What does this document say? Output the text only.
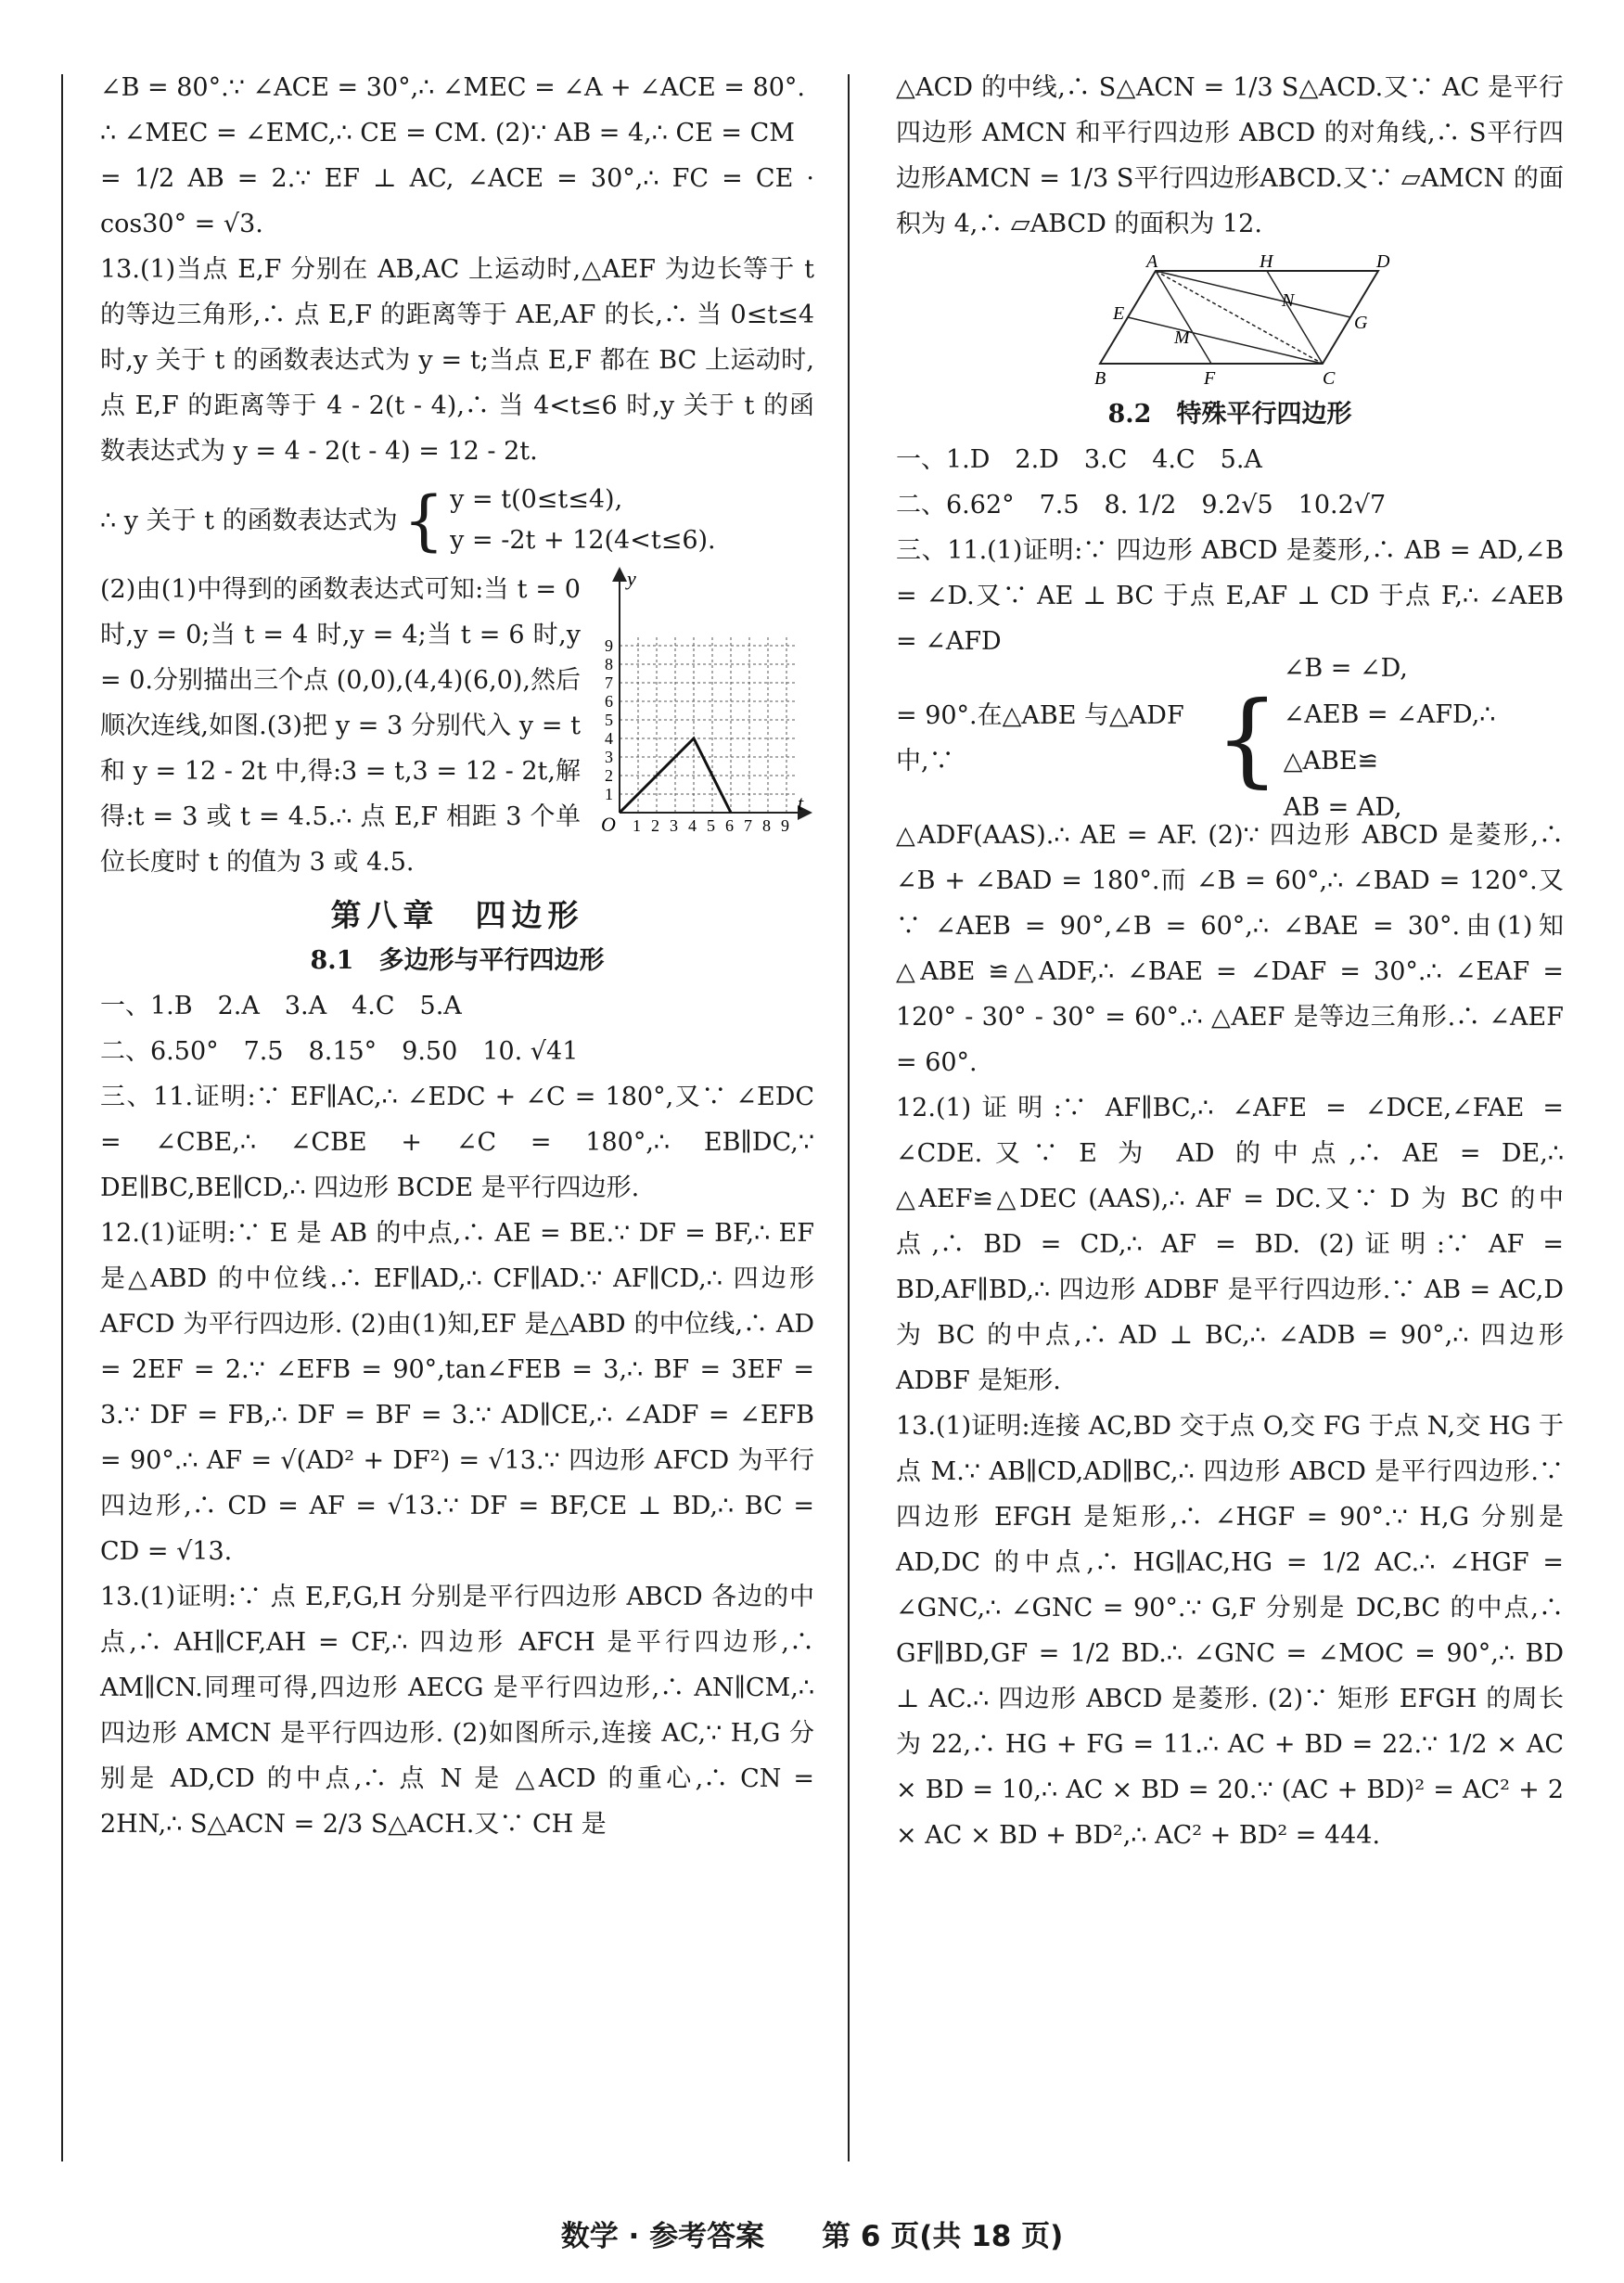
∠B = 80°.∵ ∠ACE = 30°,∴ ∠MEC = ∠A + ∠ACE = 80°.

∴ ∠MEC = ∠EMC,∴ CE = CM. (2)∵ AB = 4,∴ CE = CM

= 1/2 AB = 2.∵ EF ⊥ AC, ∠ACE = 30°,∴ FC = CE · cos30° = √3.

13.(1)当点 E,F 分别在 AB,AC 上运动时,△AEF 为边长等于 t 的等边三角形,∴ 点 E,F 的距离等于 AE,AF 的长,∴ 当 0≤t≤4 时,y 关于 t 的函数表达式为 y = t;当点 E,F 都在 BC 上运动时,点 E,F 的距离等于 4 - 2(t - 4),∴ 当 4<t≤6 时,y 关于 t 的函数表达式为 y = 4 - 2(t - 4) = 12 - 2t.

∴ y 关于 t 的函数表达式为 { y = t(0≤t≤4),
y = -2t + 12(4<t≤6).
y
t
O 1 2 3 4 5 6 7 8 9
1
2
3
4
5
6
7
8
9

(2)由(1)中得到的函数表达式可知:当 t = 0 时,y = 0;当 t = 4 时,y = 4;当 t = 6 时,y = 0.分别描出三个点 (0,0),(4,4)(6,0),然后顺次连线,如图.(3)把 y = 3 分别代入 y = t 和 y = 12 - 2t 中,得:3 = t,3 = 12 - 2t,解得:t = 3 或 t = 4.5.∴ 点 E,F 相距 3 个单位长度时 t 的值为 3 或 4.5.

第八章　四边形

8.1　多边形与平行四边形

一、1.B　2.A　3.A　4.C　5.A

二、6.50°　7.5　8.15°　9.50　10. √41

三、11.证明:∵ EF∥AC,∴ ∠EDC + ∠C = 180°,又∵ ∠EDC = ∠CBE,∴ ∠CBE + ∠C = 180°,∴ EB∥DC,∵ DE∥BC,BE∥CD,∴ 四边形 BCDE 是平行四边形.

12.(1)证明:∵ E 是 AB 的中点,∴ AE = BE.∵ DF = BF,∴ EF是△ABD 的中位线.∴ EF∥AD,∴ CF∥AD.∵ AF∥CD,∴ 四边形 AFCD 为平行四边形. (2)由(1)知,EF 是△ABD 的中位线,∴ AD = 2EF = 2.∵ ∠EFB = 90°,tan∠FEB = 3,∴ BF = 3EF = 3.∵ DF = FB,∴ DF = BF = 3.∵ AD∥CE,∴ ∠ADF = ∠EFB = 90°.∴ AF = √(AD² + DF²) = √13.∵ 四边形 AFCD 为平行四边形,∴ CD = AF = √13.∵ DF = BF,CE ⊥ BD,∴ BC = CD = √13.

13.(1)证明:∵ 点 E,F,G,H 分别是平行四边形 ABCD 各边的中点,∴ AH∥CF,AH = CF,∴ 四边形 AFCH 是平行四边形,∴ AM∥CN.同理可得,四边形 AECG 是平行四边形,∴ AN∥CM,∴ 四边形 AMCN 是平行四边形. (2)如图所示,连接 AC,∵ H,G 分别是 AD,CD 的中点,∴ 点 N 是 △ACD 的重心,∴ CN = 2HN,∴ S△ACN = 2/3 S△ACH.又∵ CH 是

△ACD 的中线,∴ S△ACN = 1/3 S△ACD.又∵ AC 是平行四边形 AMCN 和平行四边形 ABCD 的对角线,∴ S平行四边形AMCN = 1/3 S平行四边形ABCD.又∵ ▱AMCN 的面积为 4,∴ ▱ABCD 的面积为 12.

A	H	D
E
N
G
M
B	F	C

8.2　特殊平行四边形

一、1.D　2.D　3.C　4.C　5.A

二、6.62°　7.5　8. 1/2　9.2√5　10.2√7

三、11.(1)证明:∵ 四边形 ABCD 是菱形,∴ AB = AD,∠B = ∠D.又∵ AE ⊥ BC 于点 E,AF ⊥ CD 于点 F,∴ ∠AEB = ∠AFD

= 90°.在△ABE 与△ADF 中,∵	{
∠B = ∠D,
∠AEB = ∠AFD,∴ △ABE≌
AB = AD,

△ADF(AAS).∴ AE = AF. (2)∵ 四边形 ABCD 是菱形,∴ ∠B + ∠BAD = 180°.而 ∠B = 60°,∴ ∠BAD = 120°.又∵ ∠AEB = 90°,∠B = 60°,∴ ∠BAE = 30°.由(1)知△ABE ≌△ADF,∴ ∠BAE = ∠DAF = 30°.∴ ∠EAF = 120° - 30° - 30° = 60°.∴ △AEF 是等边三角形.∴ ∠AEF = 60°.

12.(1)证明:∵ AF∥BC,∴ ∠AFE = ∠DCE,∠FAE = ∠CDE.又∵ E 为 AD 的中点,∴ AE = DE,∴ △AEF≌△DEC (AAS),∴ AF = DC.又∵ D 为 BC 的中点,∴ BD = CD,∴ AF = BD. (2)证明:∵ AF = BD,AF∥BD,∴ 四边形 ADBF 是平行四边形.∵ AB = AC,D 为 BC 的中点,∴ AD ⊥ BC,∴ ∠ADB = 90°,∴ 四边形 ADBF 是矩形.

13.(1)证明:连接 AC,BD 交于点 O,交 FG 于点 N,交 HG 于点 M.∵ AB∥CD,AD∥BC,∴ 四边形 ABCD 是平行四边形.∵ 四边形 EFGH 是矩形,∴ ∠HGF = 90°.∵ H,G 分别是 AD,DC 的中点,∴ HG∥AC,HG = 1/2 AC.∴ ∠HGF = ∠GNC,∴ ∠GNC = 90°.∵ G,F 分别是 DC,BC 的中点,∴ GF∥BD,GF = 1/2 BD.∴ ∠GNC = ∠MOC = 90°,∴ BD ⊥ AC.∴ 四边形 ABCD 是菱形. (2)∵ 矩形 EFGH 的周长为 22,∴ HG + FG = 11.∴ AC + BD = 22.∵ 1/2 × AC × BD = 10,∴ AC × BD = 20.∵ (AC + BD)² = AC² + 2 × AC × BD + BD²,∴ AC² + BD² = 444.

数学 · 参考答案　　第 6 页(共 18 页)
